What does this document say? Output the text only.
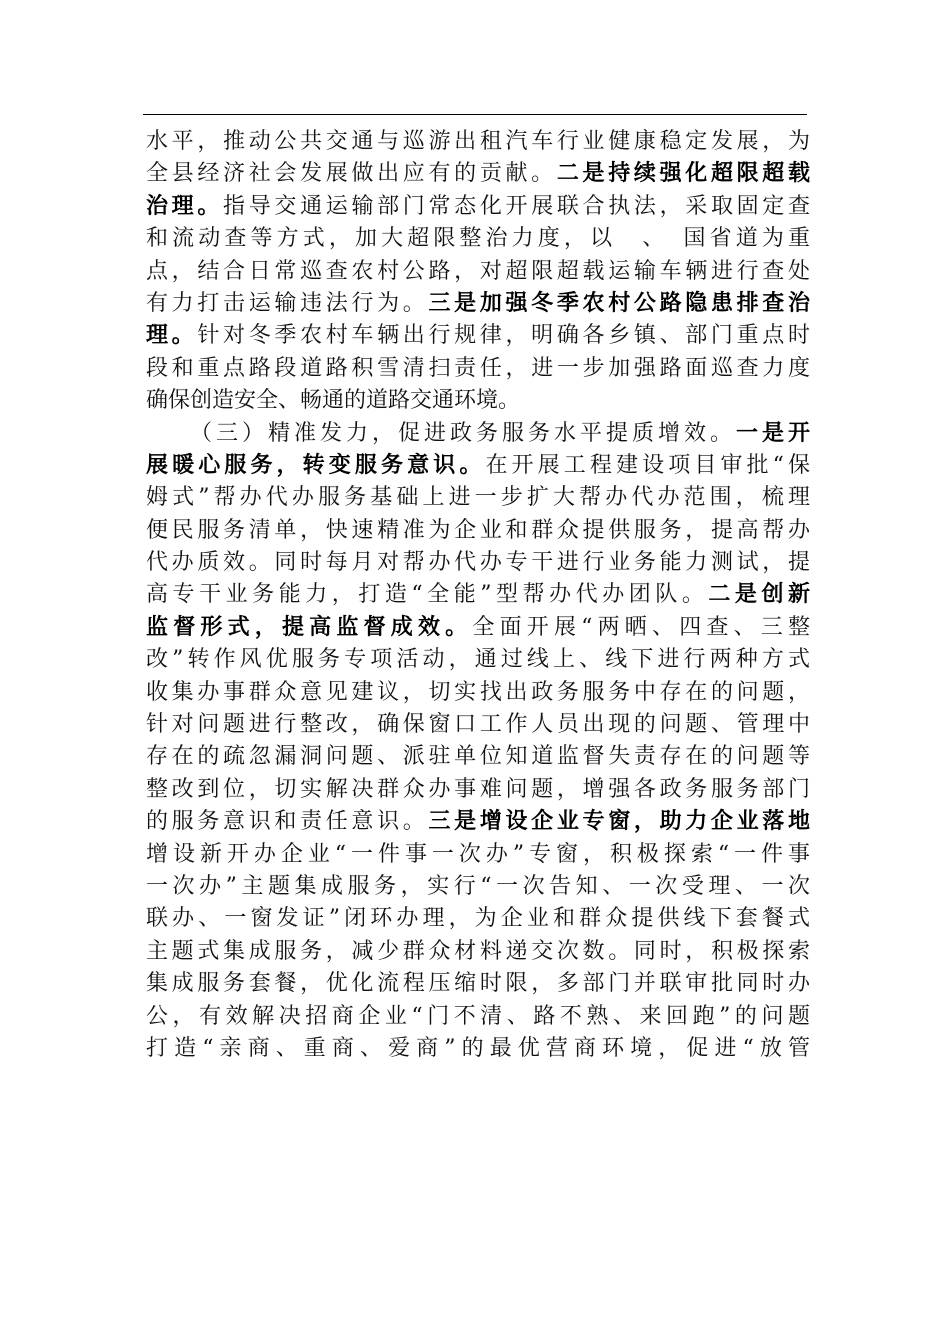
水平，推动公共交通与巡游出租汽车行业健康稳定发展，为
全县经济社会发展做出应有的贡献。二是持续强化超限超载
治理。指导交通运输部门常态化开展联合执法，采取固定查
和流动查等方式，加大超限整治力度，以　、　国省道为重
点，结合日常巡查农村公路，对超限超载运输车辆进行查处
有力打击运输违法行为。三是加强冬季农村公路隐患排查治
理。针对冬季农村车辆出行规律，明确各乡镇、部门重点时
段和重点路段道路积雪清扫责任，进一步加强路面巡查力度
确保创造安全、畅通的道路交通环境。
（三）精准发力，促进政务服务水平提质增效。一是开
展暖心服务，转变服务意识。在开展工程建设项目审批“保
姆式”帮办代办服务基础上进一步扩大帮办代办范围，梳理
便民服务清单，快速精准为企业和群众提供服务，提高帮办
代办质效。同时每月对帮办代办专干进行业务能力测试，提
高专干业务能力，打造“全能”型帮办代办团队。二是创新
监督形式，提高监督成效。全面开展“两晒、四查、三整
改”转作风优服务专项活动，通过线上、线下进行两种方式
收集办事群众意见建议，切实找出政务服务中存在的问题，
针对问题进行整改，确保窗口工作人员出现的问题、管理中
存在的疏忽漏洞问题、派驻单位知道监督失责存在的问题等
整改到位，切实解决群众办事难问题，增强各政务服务部门
的服务意识和责任意识。三是增设企业专窗，助力企业落地
增设新开办企业“一件事一次办”专窗，积极探索“一件事
一次办”主题集成服务，实行“一次告知、一次受理、一次
联办、一窗发证”闭环办理，为企业和群众提供线下套餐式
主题式集成服务，减少群众材料递交次数。同时，积极探索
集成服务套餐，优化流程压缩时限，多部门并联审批同时办
公，有效解决招商企业“门不清、路不熟、来回跑”的问题
打造“亲商、重商、爱商”的最优营商环境，促进“放管
